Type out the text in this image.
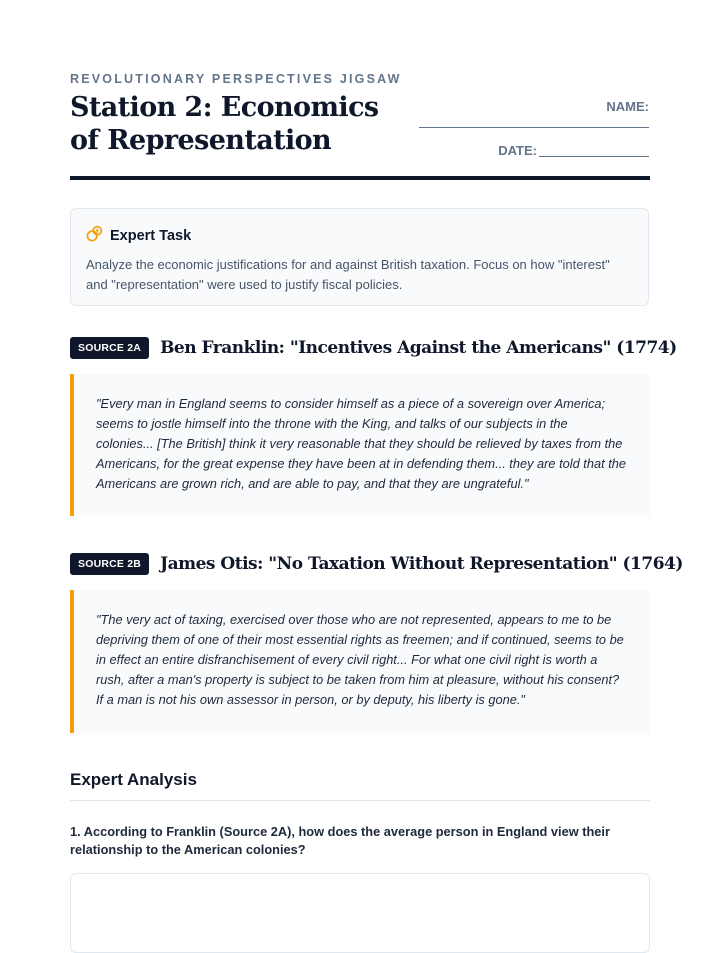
REVOLUTIONARY PERSPECTIVES JIGSAW
Station 2: Economics of Representation
NAME:
DATE:
Expert Task
Analyze the economic justifications for and against British taxation. Focus on how "interest" and "representation" were used to justify fiscal policies.
SOURCE 2A	Ben Franklin: "Incentives Against the Americans" (1774)
"Every man in England seems to consider himself as a piece of a sovereign over America; seems to jostle himself into the throne with the King, and talks of our subjects in the colonies... [The British] think it very reasonable that they should be relieved by taxes from the Americans, for the great expense they have been at in defending them... they are told that the Americans are grown rich, and are able to pay, and that they are ungrateful."
SOURCE 2B	James Otis: "No Taxation Without Representation" (1764)
"The very act of taxing, exercised over those who are not represented, appears to me to be depriving them of one of their most essential rights as freemen; and if continued, seems to be in effect an entire disfranchisement of every civil right... For what one civil right is worth a rush, after a man's property is subject to be taken from him at pleasure, without his consent? If a man is not his own assessor in person, or by deputy, his liberty is gone."
Expert Analysis
1. According to Franklin (Source 2A), how does the average person in England view their relationship to the American colonies?
